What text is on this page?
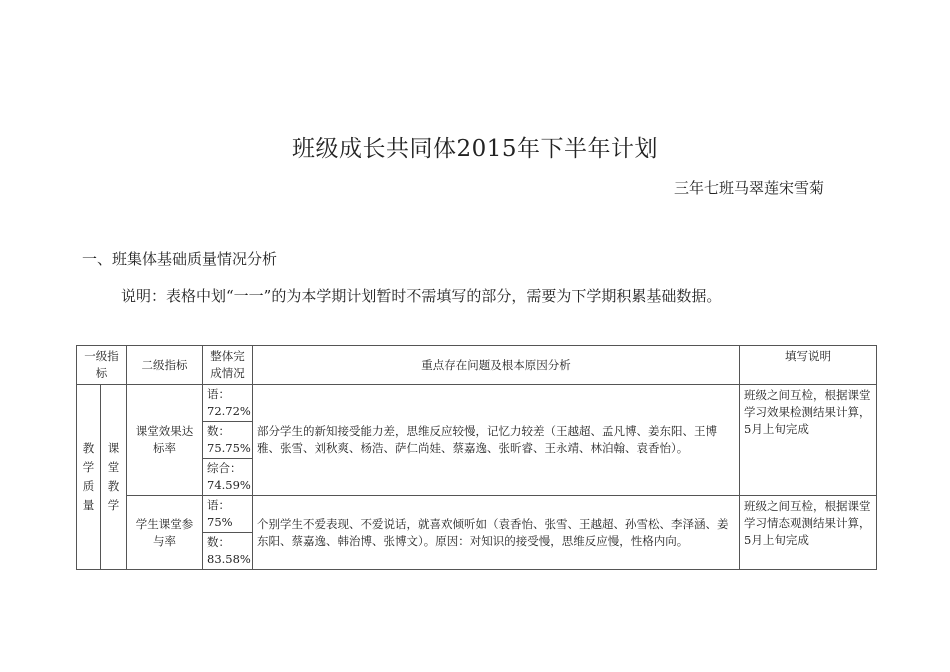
班级成长共同体2015年下半年计划
三年七班马翠莲宋雪菊
一、班集体基础质量情况分析
说明：表格中划“一一”的为本学期计划暂时不需填写的部分，需要为下学期积累基础数据。
一级指标		二级指标	整体完成情况	重点存在问题及根本原因分析	填写说明
教学质量	课堂教学	课堂效果达标率	语：72.72%	部分学生的新知接受能力差，思维反应较慢，记忆力较差（王越超、孟凡博、姜东阳、王博雅、张雪、刘秋爽、杨浩、萨仁尚娃、蔡嘉逸、张昕睿、王永靖、林泊翰、袁香怡）。	班级之间互检，根据课堂学习效果检测结果计算，5月上旬完成
			数：75.75%		
			综合：74.59%		
		学生课堂参与率	语：75%	个别学生不爱表现、不爱说话，就喜欢倾听如（袁香怡、张雪、王越超、孙雪松、李泽涵、姜东阳、蔡嘉逸、韩治博、张博文）。原因：对知识的接受慢，思维反应慢，性格内向。	班级之间互检，根据课堂学习情态观测结果计算，5月上旬完成
			数：83.58%		
